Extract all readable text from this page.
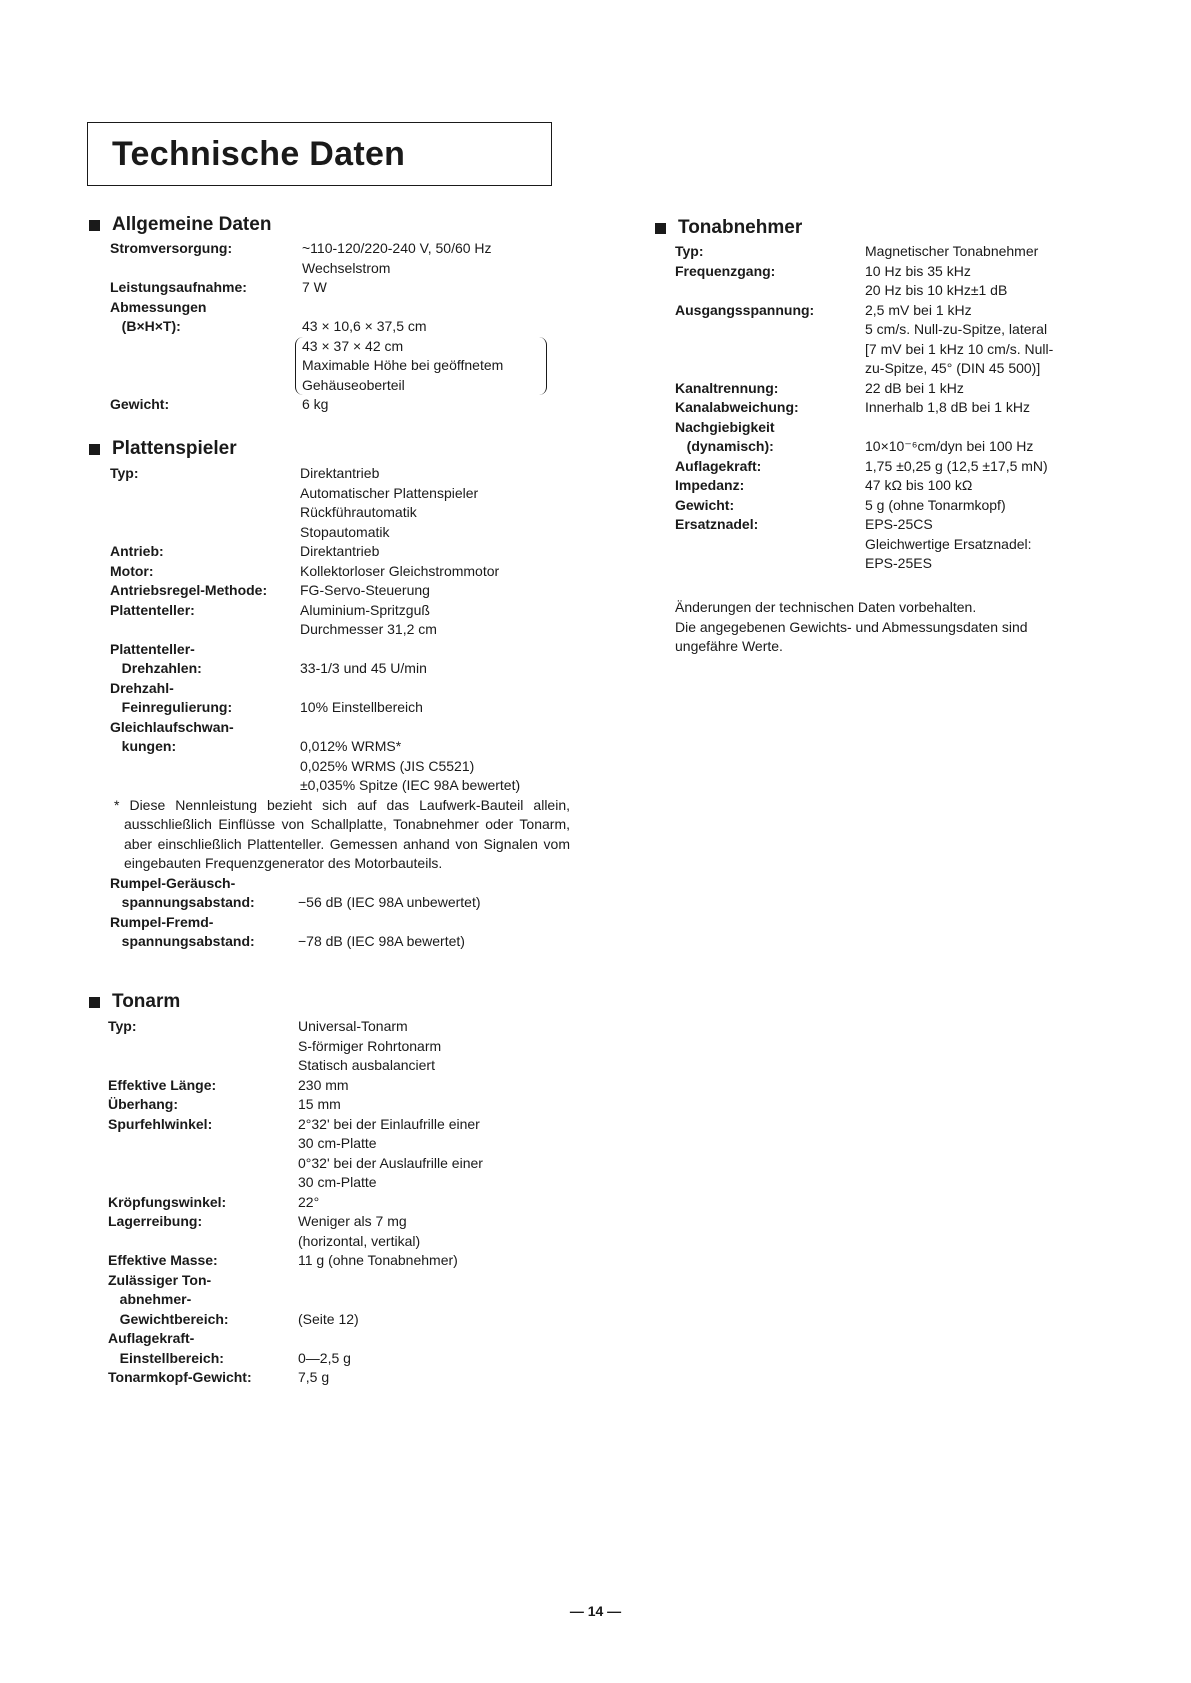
Technische Daten
Allgemeine Daten
Stromversorgung:	~110-120/220-240 V, 50/60 Hz
Wechselstrom
Leistungsaufnahme:	7 W
Abmessungen
(B×H×T):	43 × 10,6 × 37,5 cm
43 × 37 × 42 cm
Maximable Höhe bei geöffnetem
Gehäuseoberteil
Gewicht:	6 kg
Plattenspieler
Typ:	Direktantrieb
Automatischer Plattenspieler
Rückführautomatik
Stopautomatik
Antrieb:	Direktantrieb
Motor:	Kollektorloser Gleichstrommotor
Antriebsregel-Methode:	FG-Servo-Steuerung
Plattenteller:	Aluminium-Spritzguß
Durchmesser 31,2 cm
Plattenteller-
Drehzahlen:	33-1/3 und 45 U/min
Drehzahl-
Feinregulierung:	10% Einstellbereich
Gleichlaufschwan-
kungen:	0,012% WRMS*
0,025% WRMS (JIS C5521)
±0,035% Spitze (IEC 98A bewertet)
* Diese Nennleistung bezieht sich auf das Laufwerk-Bauteil allein, ausschließlich Einflüsse von Schallplatte, Tonabnehmer oder Tonarm, aber einschließlich Plattenteller. Gemessen anhand von Signalen vom eingebauten Frequenzgenerator des Motorbauteils.
Rumpel-Geräusch-
spannungsabstand:	−56 dB (IEC 98A unbewertet)
Rumpel-Fremd-
spannungsabstand:	−78 dB (IEC 98A bewertet)
Tonarm
Typ:	Universal-Tonarm
S-förmiger Rohrtonarm
Statisch ausbalanciert
Effektive Länge:	230 mm
Überhang:	15 mm
Spurfehlwinkel:	2°32' bei der Einlaufrille einer
30 cm-Platte
0°32' bei der Auslaufrille einer
30 cm-Platte
Kröpfungswinkel:	22°
Lagerreibung:	Weniger als 7 mg
(horizontal, vertikal)
Effektive Masse:	11 g (ohne Tonabnehmer)
Zulässiger Ton-
abnehmer-
Gewichtbereich:	(Seite 12)
Auflagekraft-
Einstellbereich:	0—2,5 g
Tonarmkopf-Gewicht:	7,5 g
Tonabnehmer
Typ:	Magnetischer Tonabnehmer
Frequenzgang:	10 Hz bis 35 kHz
20 Hz bis 10 kHz±1 dB
Ausgangsspannung:	2,5 mV bei 1 kHz
5 cm/s. Null-zu-Spitze, lateral
[7 mV bei 1 kHz 10 cm/s. Null-
zu-Spitze, 45° (DIN 45 500)]
Kanaltrennung:	22 dB bei 1 kHz
Kanalabweichung:	Innerhalb 1,8 dB bei 1 kHz
Nachgiebigkeit
(dynamisch):	10×10⁻⁶cm/dyn bei 100 Hz
Auflagekraft:	1,75 ±0,25 g (12,5 ±17,5 mN)
Impedanz:	47 kΩ bis 100 kΩ
Gewicht:	5 g (ohne Tonarmkopf)
Ersatznadel:	EPS-25CS
Gleichwertige Ersatznadel:
EPS-25ES
Änderungen der technischen Daten vorbehalten.
Die angegebenen Gewichts- und Abmessungsdaten sind
ungefähre Werte.
— 14 —
